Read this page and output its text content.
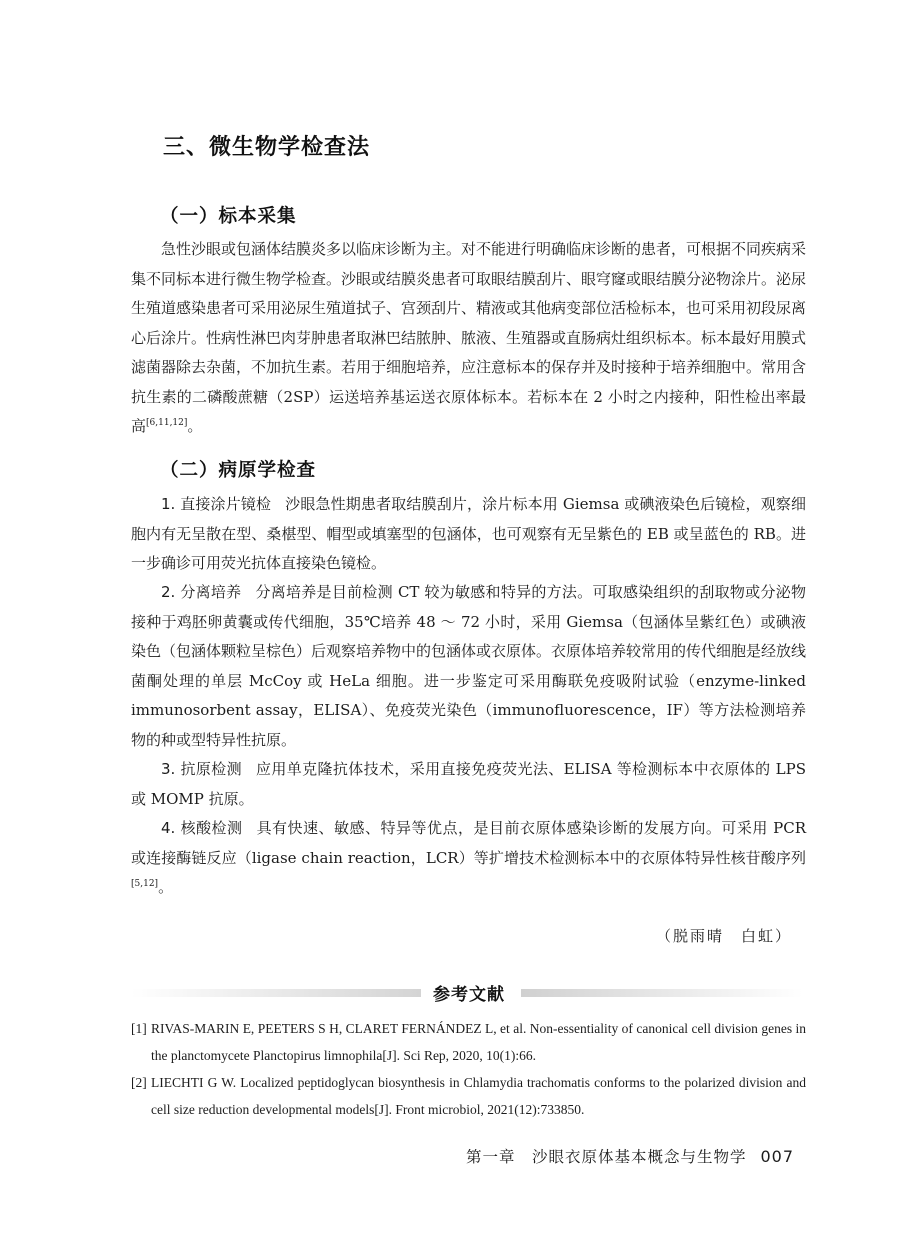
三、微生物学检查法
（一）标本采集

急性沙眼或包涵体结膜炎多以临床诊断为主。对不能进行明确临床诊断的患者，可根据不同疾病采集不同标本进行微生物学检查。沙眼或结膜炎患者可取眼结膜刮片、眼穹窿或眼结膜分泌物涂片。泌尿生殖道感染患者可采用泌尿生殖道拭子、宫颈刮片、精液或其他病变部位活检标本，也可采用初段尿离心后涂片。性病性淋巴肉芽肿患者取淋巴结脓肿、脓液、生殖器或直肠病灶组织标本。标本最好用膜式滤菌器除去杂菌，不加抗生素。若用于细胞培养，应注意标本的保存并及时接种于培养细胞中。常用含抗生素的二磷酸蔗糖（2SP）运送培养基运送衣原体标本。若标本在 2 小时之内接种，阳性检出率最高[6,11,12]。

（二）病原学检查

1. 直接涂片镜检 沙眼急性期患者取结膜刮片，涂片标本用 Giemsa 或碘液染色后镜检，观察细胞内有无呈散在型、桑椹型、帽型或填塞型的包涵体，也可观察有无呈紫色的 EB 或呈蓝色的 RB。进一步确诊可用荧光抗体直接染色镜检。

2. 分离培养 分离培养是目前检测 CT 较为敏感和特异的方法。可取感染组织的刮取物或分泌物接种于鸡胚卵黄囊或传代细胞，35℃培养 48 ～ 72 小时，采用 Giemsa（包涵体呈紫红色）或碘液染色（包涵体颗粒呈棕色）后观察培养物中的包涵体或衣原体。衣原体培养较常用的传代细胞是经放线菌酮处理的单层 McCoy 或 HeLa 细胞。进一步鉴定可采用酶联免疫吸附试验（enzyme-linked immunosorbent assay，ELISA）、免疫荧光染色（immunofluorescence，IF）等方法检测培养物的种或型特异性抗原。

3. 抗原检测 应用单克隆抗体技术，采用直接免疫荧光法、ELISA 等检测标本中衣原体的 LPS 或 MOMP 抗原。

4. 核酸检测 具有快速、敏感、特异等优点，是目前衣原体感染诊断的发展方向。可采用 PCR 或连接酶链反应（ligase chain reaction，LCR）等扩增技术检测标本中的衣原体特异性核苷酸序列[5,12]。

（脱雨晴　白虹）
参考文献
[1] RIVAS-MARIN E, PEETERS S H, CLARET FERNÁNDEZ L, et al. Non-essentiality of canonical cell division genes in the planctomycete Planctopirus limnophila[J]. Sci Rep, 2020, 10(1):66.
[2] LIECHTI G W. Localized peptidoglycan biosynthesis in Chlamydia trachomatis conforms to the polarized division and cell size reduction developmental models[J]. Front microbiol, 2021(12):733850.
第一章　沙眼衣原体基本概念与生物学 007
